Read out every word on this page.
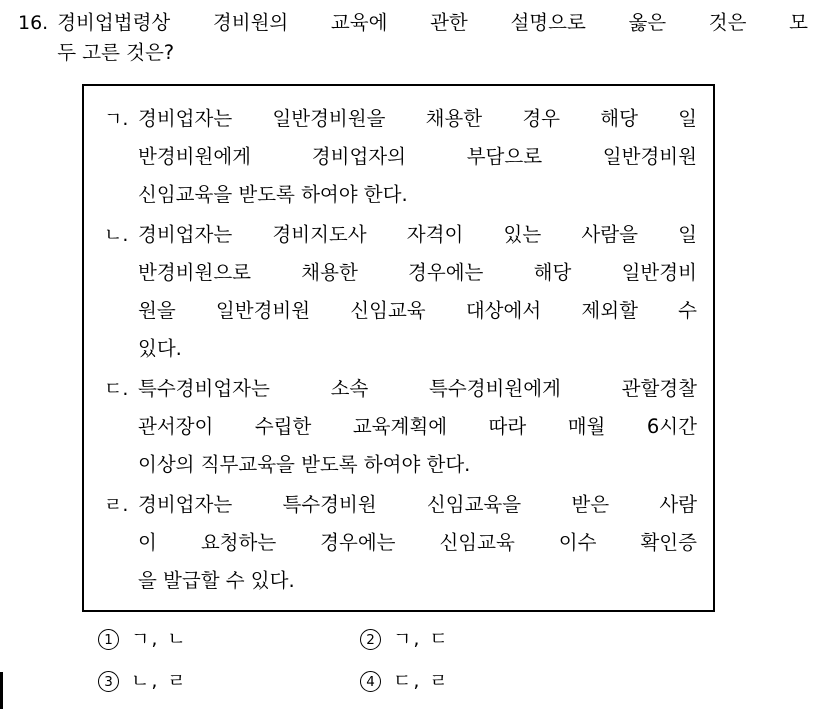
16. 경비업법령상 경비원의 교육에 관한 설명으로 옳은 것은 모
두 고른 것은?
ㄱ. 경비업자는 일반경비원을 채용한 경우 해당 일
반경비원에게	경비업자의	부담으로	일반경비원
신임교육을 받도록 하여야 한다.
ㄴ. 경비업자는 경비지도사 자격이 있는 사람을 일
반경비원으로	채용한	경우에는	해당	일반경비
원을 일반경비원 신임교육 대상에서 제외할 수
있다.
ㄷ. 특수경비업자는	소속	특수경비원에게	관할경찰
관서장이 수립한 교육계획에 따라 매월 6시간
이상의 직무교육을 받도록 하여야 한다.
ㄹ. 경비업자는	특수경비원	신임교육을	받은	사람
이 요청하는 경우에는 신임교육 이수 확인증
을 발급할 수 있다.
1 ㄱ, ㄴ	2 ㄱ, ㄷ
3 ㄴ, ㄹ	4 ㄷ, ㄹ
